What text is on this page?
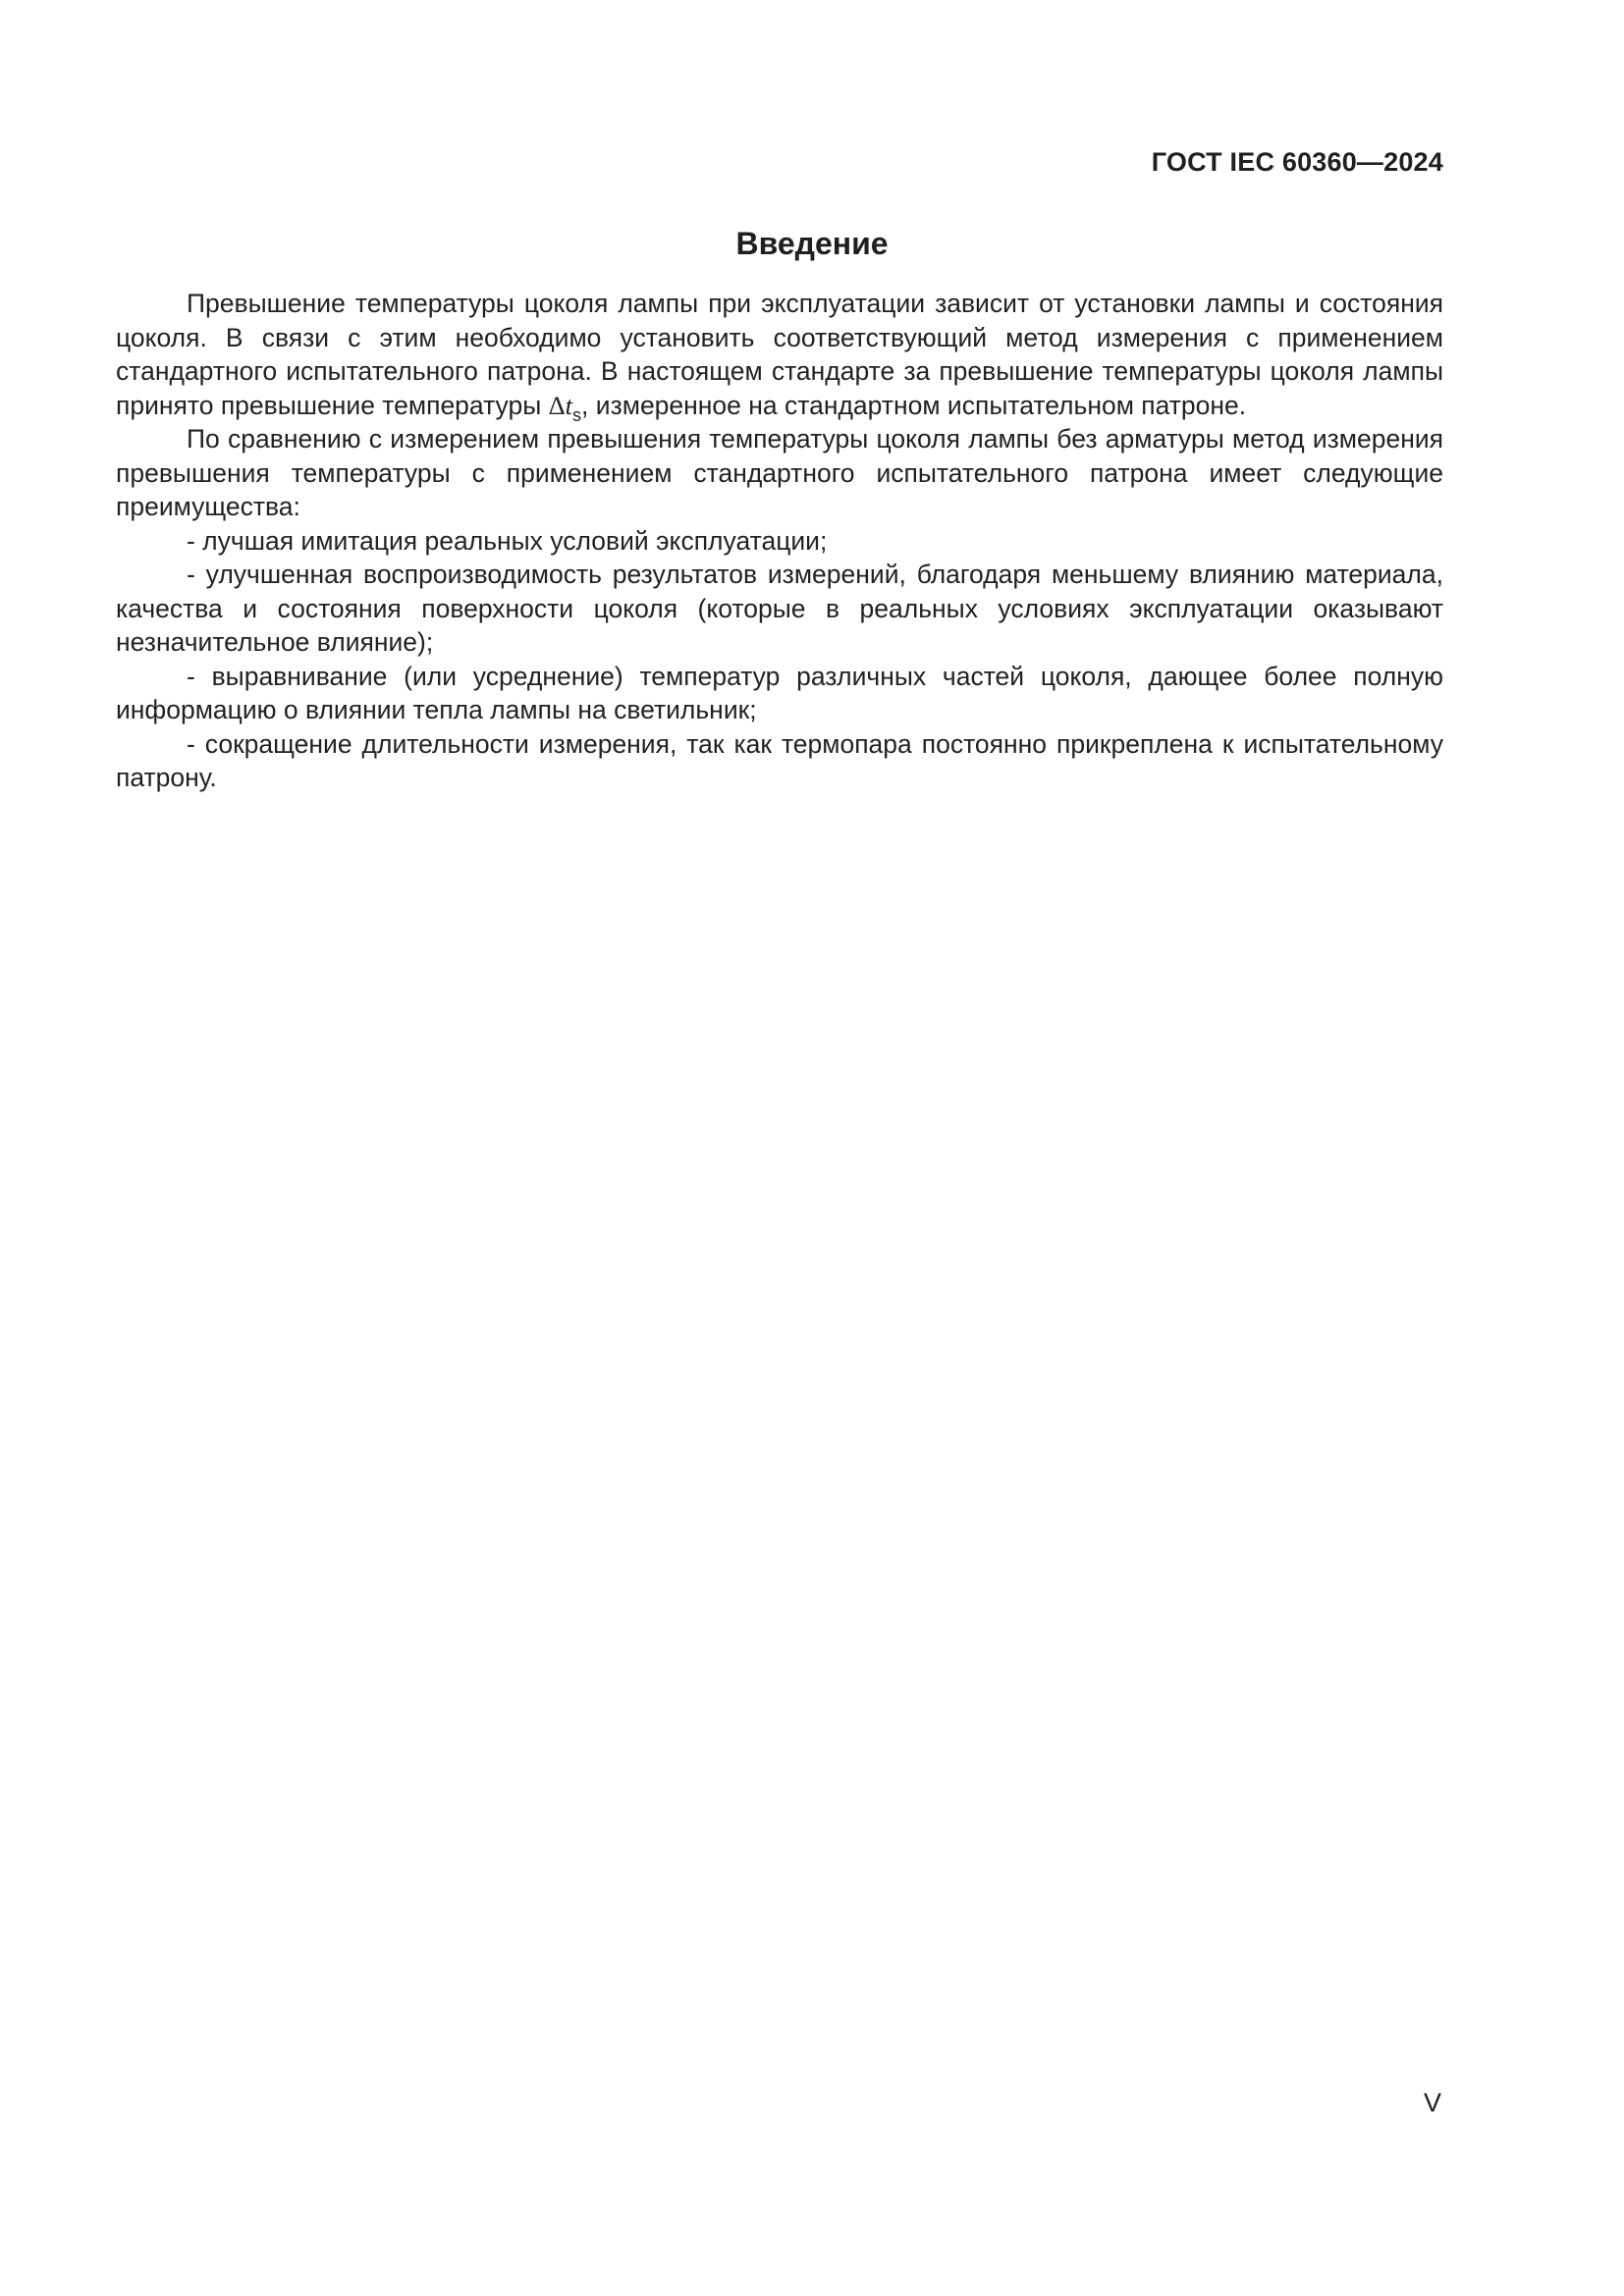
ГОСТ IEC 60360—2024
Введение

Превышение температуры цоколя лампы при эксплуатации зависит от установки лампы и состояния цоколя. В связи с этим необходимо установить соответствующий метод измерения с применением стандартного испытательного патрона. В настоящем стандарте за превышение температуры цоколя лампы принято превышение температуры $\Delta t_s$, измеренное на стандартном испытательном патроне.

По сравнению с измерением превышения температуры цоколя лампы без арматуры метод измерения превышения температуры с применением стандартного испытательного патрона имеет следующие преимущества:

- лучшая имитация реальных условий эксплуатации;

- улучшенная воспроизводимость результатов измерений, благодаря меньшему влиянию материала, качества и состояния поверхности цоколя (которые в реальных условиях эксплуатации оказывают незначительное влияние);

- выравнивание (или усреднение) температур различных частей цоколя, дающее более полную информацию о влиянии тепла лампы на светильник;

- сокращение длительности измерения, так как термопара постоянно прикреплена к испытательному патрону.

V
